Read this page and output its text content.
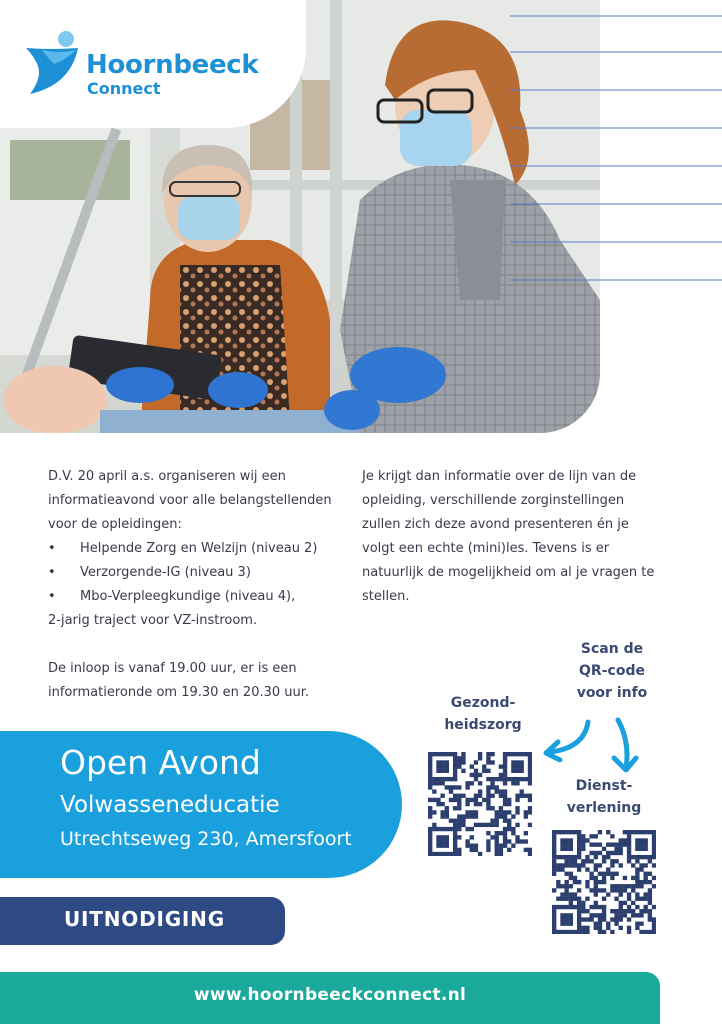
Hoornbeeck
Connect

D.V. 20 april a.s. organiseren wij een informatieavond voor alle belangstellenden voor de opleidingen:

• Helpende Zorg en Welzijn (niveau 2)
• Verzorgende-IG (niveau 3)
• Mbo-Verpleegkundige (niveau 4),

2-jarig traject voor VZ-instroom.

De inloop is vanaf 19.00 uur, er is een informatieronde om 19.30 en 20.30 uur.

Je krijgt dan informatie over de lijn van de opleiding, verschillende zorginstellingen zullen zich deze avond presenteren én je volgt een echte (mini)les. Tevens is er natuurlijk de mogelijkheid om al je vragen te stellen.

Scan de QR-code voor info
Gezond- heidszorg
Dienst- verlening
Open Avond
Volwasseneducatie
Utrechtseweg 230, Amersfoort
UITNODIGING
www.hoornbeeckconnect.nl
